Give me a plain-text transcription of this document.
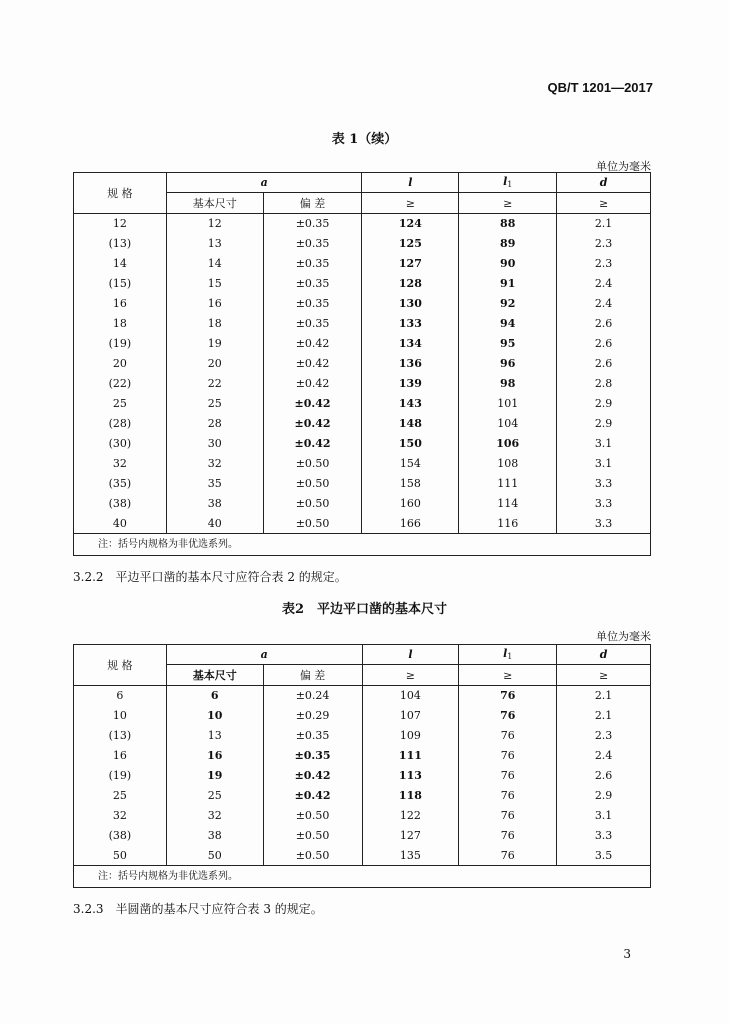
QB/T 1201—2017
表 1（续）
单位为毫米
规 格	a		l	$l_1$	d
	基本尺寸	偏 差	≥	≥	≥
12	12	±0.35	124	88	2.1
(13)	13	±0.35	125	89	2.3
14	14	±0.35	127	90	2.3
(15)	15	±0.35	128	91	2.4
16	16	±0.35	130	92	2.4
18	18	±0.35	133	94	2.6
(19)	19	±0.42	134	95	2.6
20	20	±0.42	136	96	2.6
(22)	22	±0.42	139	98	2.8
25	25	±0.42	143	101	2.9
(28)	28	±0.42	148	104	2.9
(30)	30	±0.42	150	106	3.1
32	32	±0.50	154	108	3.1
(35)	35	±0.50	158	111	3.3
(38)	38	±0.50	160	114	3.3
40	40	±0.50	166	116	3.3
注：括号内规格为非优选系列。					
3.2.2　平边平口凿的基本尺寸应符合表 2 的规定。
表2　平边平口凿的基本尺寸
单位为毫米
规 格	a		l	$l_1$	d
	基本尺寸	偏 差	≥	≥	≥
6	6	±0.24	104	76	2.1
10	10	±0.29	107	76	2.1
(13)	13	±0.35	109	76	2.3
16	16	±0.35	111	76	2.4
(19)	19	±0.42	113	76	2.6
25	25	±0.42	118	76	2.9
32	32	±0.50	122	76	3.1
(38)	38	±0.50	127	76	3.3
50	50	±0.50	135	76	3.5
注：括号内规格为非优选系列。					
3.2.3　半圆凿的基本尺寸应符合表 3 的规定。
3
